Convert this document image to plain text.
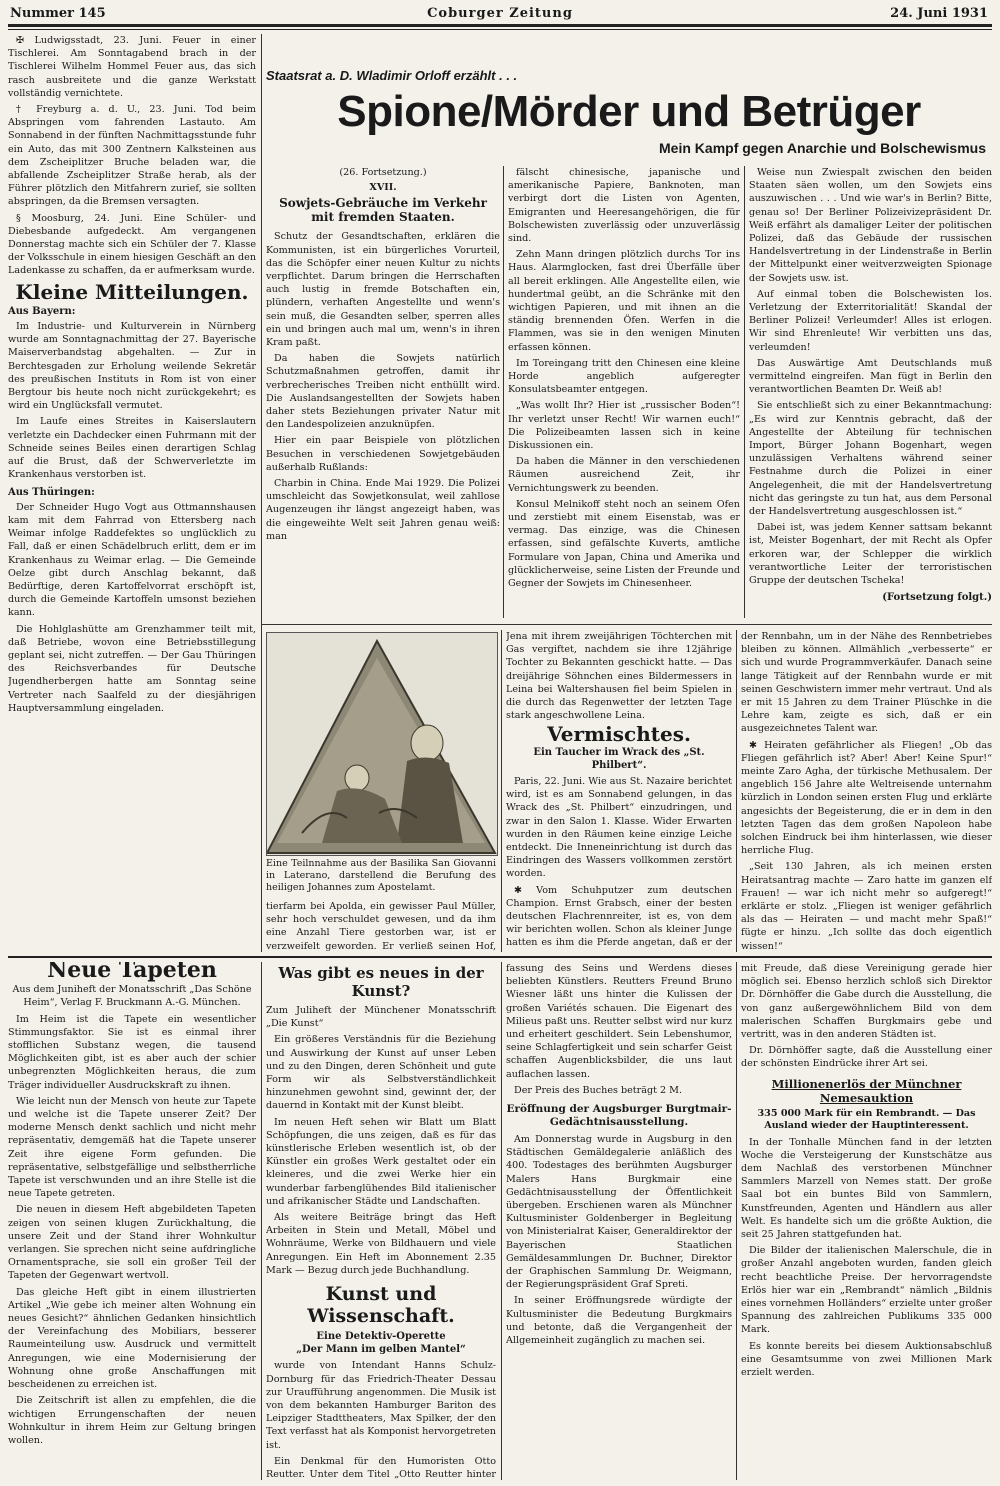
Nummer 145	Coburger Zeitung	24. Juni 1931

✠ Ludwigsstadt, 23. Juni. Feuer in einer Tischlerei. Am Sonntagabend brach in der Tischlerei Wilhelm Hommel Feuer aus, das sich rasch ausbreitete und die ganze Werkstatt vollständig vernichtete.

† Freyburg a. d. U., 23. Juni. Tod beim Abspringen vom fahrenden Lastauto. Am Sonnabend in der fünften Nachmittagsstunde fuhr ein Auto, das mit 300 Zentnern Kalksteinen aus dem Zscheiplitzer Bruche beladen war, die abfallende Zscheiplitzer Straße herab, als der Führer plötzlich den Mitfahrern zurief, sie sollten abspringen, da die Bremsen versagten.

§ Moosburg, 24. Juni. Eine Schüler- und Diebesbande aufgedeckt. Am vergangenen Donnerstag machte sich ein Schüler der 7. Klasse der Volksschule in einem hiesigen Geschäft an den Ladenkasse zu schaffen, da er aufmerksam wurde.

Kleine Mitteilungen.
Aus Bayern:

Im Industrie- und Kulturverein in Nürnberg wurde am Sonntagnachmittag der 27. Bayerische Maiserverbandstag abgehalten. — Zur in Berchtesgaden zur Erholung weilende Sekretär des preußischen Instituts in Rom ist von einer Bergtour bis heute noch nicht zurückgekehrt; es wird ein Unglücksfall vermutet.

Im Laufe eines Streites in Kaiserslautern verletzte ein Dachdecker einen Fuhrmann mit der Schneide seines Beiles einen derartigen Schlag auf die Brust, daß der Schwerverletzte im Krankenhaus verstorben ist.

Aus Thüringen:

Der Schneider Hugo Vogt aus Ottmannshausen kam mit dem Fahrrad von Ettersberg nach Weimar infolge Raddefektes so unglücklich zu Fall, daß er einen Schädelbruch erlitt, dem er im Krankenhaus zu Weimar erlag. — Die Gemeinde Oelze gibt durch Anschlag bekannt, daß Bedürftige, deren Kartoffelvorrat erschöpft ist, durch die Gemeinde Kartoffeln umsonst beziehen kann.

Die Hohlglashütte am Grenzhammer teilt mit, daß Betriebe, wovon eine Betriebsstillegung geplant sei, nicht zutreffen. — Der Gau Thüringen des Reichsverbandes für Deutsche Jugendherbergen hatte am Sonntag seine Vertreter nach Saalfeld zu der diesjährigen Hauptversammlung eingeladen.

Staatsrat a. D. Wladimir Orloff erzählt . . .
Spione/Mörder und Betrüger
Mein Kampf gegen Anarchie und Bolschewismus
(26. Fortsetzung.)
XVII.
Sowjets-Gebräuche im Verkehr mit fremden Staaten.

Schutz der Gesandtschaften, erklären die Kommunisten, ist ein bürgerliches Vorurteil, das die Schöpfer einer neuen Kultur zu nichts verpflichtet. Darum bringen die Herrschaften auch lustig in fremde Botschaften ein, plündern, verhaften Angestellte und wenn's sein muß, die Gesandten selber, sperren alles ein und bringen auch mal um, wenn's in ihren Kram paßt.

Da haben die Sowjets natürlich Schutzmaßnahmen getroffen, damit ihr verbrecherisches Treiben nicht enthüllt wird. Die Auslandsangestellten der Sowjets haben daher stets Beziehungen privater Natur mit den Landespolizeien anzuknüpfen.

Hier ein paar Beispiele von plötzlichen Besuchen in verschiedenen Sowjetgebäuden außerhalb Rußlands:

Charbin in China. Ende Mai 1929. Die Polizei umschleicht das Sowjetkonsulat, weil zahllose Augenzeugen ihr längst angezeigt haben, was die eingeweihte Welt seit Jahren genau weiß: man

fälscht chinesische, japanische und amerikanische Papiere, Banknoten, man verbirgt dort die Listen von Agenten, Emigranten und Heeresangehörigen, die für Bolschewisten zuverlässig oder unzuverlässig sind.

Zehn Mann dringen plötzlich durchs Tor ins Haus. Alarmglocken, fast drei Überfälle über all bereit erklingen. Alle Angestellte eilen, wie hundertmal geübt, an die Schränke mit den wichtigen Papieren, und mit ihnen an die ständig brennenden Öfen. Werfen in die Flammen, was sie in den wenigen Minuten erfassen können.

Im Toreingang tritt den Chinesen eine kleine Horde angeblich aufgeregter Konsulatsbeamter entgegen.

„Was wollt Ihr? Hier ist „russischer Boden“! Ihr verletzt unser Recht! Wir warnen euch!“ Die Polizeibeamten lassen sich in keine Diskussionen ein.

Da haben die Männer in den verschiedenen Räumen ausreichend Zeit, ihr Vernichtungswerk zu beenden.

Konsul Melnikoff steht noch an seinem Ofen und zerstiebt mit einem Eisenstab, was er vermag. Das einzige, was die Chinesen erfassen, sind gefälschte Kuverts, amtliche Formulare von Japan, China und Amerika und glücklicherweise, seine Listen der Freunde und Gegner der Sowjets im Chinesenheer.

Weise nun Zwiespalt zwischen den beiden Staaten säen wollen, um den Sowjets eins auszuwischen . . . Und wie war's in Berlin? Bitte, genau so! Der Berliner Polizeivizepräsident Dr. Weiß erfährt als damaliger Leiter der politischen Polizei, daß das Gebäude der russischen Handelsvertretung in der Lindenstraße in Berlin der Mittelpunkt einer weitverzweigten Spionage der Sowjets usw. ist.

Auf einmal toben die Bolschewisten los. Verletzung der Exterritorialität! Skandal der Berliner Polizei! Verleumder! Alles ist erlogen. Wir sind Ehrenleute! Wir verbitten uns das, verleumden!

Das Auswärtige Amt Deutschlands muß vermittelnd eingreifen. Man fügt in Berlin den verantwortlichen Beamten Dr. Weiß ab!

Sie entschließt sich zu einer Bekanntmachung: „Es wird zur Kenntnis gebracht, daß der Angestellte der Abteilung für technischen Import, Bürger Johann Bogenhart, wegen unzulässigen Verhaltens während seiner Festnahme durch die Polizei in einer Angelegenheit, die mit der Handelsvertretung nicht das geringste zu tun hat, aus dem Personal der Handelsvertretung ausgeschlossen ist.“

Dabei ist, was jedem Kenner sattsam bekannt ist, Meister Bogenhart, der mit Recht als Opfer erkoren war, der Schlepper die wirklich verantwortliche Leiter der terroristischen Gruppe der deutschen Tscheka!

(Fortsetzung folgt.)
Eine Teilnnahme aus der Basilika San Giovanni in Laterano, darstellend die Berufung des heiligen Johannes zum Apostelamt.

tierfarm bei Apolda, ein gewisser Paul Müller, sehr hoch verschuldet gewesen, und da ihm eine Anzahl Tiere gestorben war, ist er verzweifelt geworden. Er verließ seinen Hof,

Jena mit ihrem zweijährigen Töchterchen mit Gas vergiftet, nachdem sie ihre 12jährige Tochter zu Bekannten geschickt hatte. — Das dreijährige Söhnchen eines Bildermessers in Leina bei Waltershausen fiel beim Spielen in die durch das Regenwetter der letzten Tage stark angeschwollene Leina.

Vermischtes.
Ein Taucher im Wrack des „St. Philbert“.

Paris, 22. Juni. Wie aus St. Nazaire berichtet wird, ist es am Sonnabend gelungen, in das Wrack des „St. Philbert“ einzudringen, und zwar in den Salon 1. Klasse. Wider Erwarten wurden in den Räumen keine einzige Leiche entdeckt. Die Inneneinrichtung ist durch das Eindringen des Wassers vollkommen zerstört worden.

✱ Vom Schuhputzer zum deutschen Champion. Ernst Grabsch, einer der besten deutschen Flachrennreiter, ist es, von dem wir berichten wollen. Schon als kleiner Junge hatten es ihm die Pferde angetan, daß er der

der Rennbahn, um in der Nähe des Rennbetriebes bleiben zu können. Allmählich „verbesserte“ er sich und wurde Programmverkäufer. Danach seine lange Tätigkeit auf der Rennbahn wurde er mit seinen Geschwistern immer mehr vertraut. Und als er mit 15 Jahren zu dem Trainer Plüschke in die Lehre kam, zeigte es sich, daß er ein ausgezeichnetes Talent war.

✱ Heiraten gefährlicher als Fliegen! „Ob das Fliegen gefährlich ist? Aber! Aber! Keine Spur!“ meinte Zaro Agha, der türkische Methusalem. Der angeblich 156 Jahre alte Weltreisende unternahm kürzlich in London seinen ersten Flug und erklärte angesichts der Begeisterung, die er in dem in den letzten Tagen das dem großen Napoleon habe solchen Eindruck bei ihm hinterlassen, wie dieser herrliche Flug.

„Seit 130 Jahren, als ich meinen ersten Heiratsantrag machte — Zaro hatte im ganzen elf Frauen! — war ich nicht mehr so aufgeregt!“ erklärte er stolz. „Fliegen ist weniger gefährlich als das — Heiraten — und macht mehr Spaß!“ fügte er hinzu. „Ich sollte das doch eigentlich wissen!“

Neue Tapeten

Aus dem Juniheft der Monatsschrift „Das Schöne Heim“, Verlag F. Bruckmann A.-G. München.

Im Heim ist die Tapete ein wesentlicher Stimmungsfaktor. Sie ist es einmal ihrer stofflichen Substanz wegen, die tausend Möglichkeiten gibt, ist es aber auch der schier unbegrenzten Möglichkeiten heraus, die zum Träger individueller Ausdruckskraft zu ihnen.

Wie leicht nun der Mensch von heute zur Tapete und welche ist die Tapete unserer Zeit? Der moderne Mensch denkt sachlich und nicht mehr repräsentativ, demgemäß hat die Tapete unserer Zeit ihre eigene Form gefunden. Die repräsentative, selbstgefällige und selbstherrliche Tapete ist verschwunden und an ihre Stelle ist die neue Tapete getreten.

Die neuen in diesem Heft abgebildeten Tapeten zeigen von seinen klugen Zurückhaltung, die unsere Zeit und der Stand ihrer Wohnkultur verlangen. Sie sprechen nicht seine aufdringliche Ornamentsprache, sie soll ein großer Teil der Tapeten der Gegenwart wertvoll.

Das gleiche Heft gibt in einem illustrierten Artikel „Wie gebe ich meiner alten Wohnung ein neues Gesicht?“ ähnlichen Gedanken hinsichtlich der Vereinfachung des Mobiliars, besserer Raumeinteilung usw. Ausdruck und vermittelt Anregungen, wie eine Modernisierung der Wohnung ohne große Anschaffungen mit bescheidenen zu erreichen ist.

Die Zeitschrift ist allen zu empfehlen, die die wichtigen Errungenschaften der neuen Wohnkultur in ihrem Heim zur Geltung bringen wollen.

Was gibt es neues in der Kunst?

Zum Juliheft der Münchener Monatsschrift „Die Kunst“

Ein größeres Verständnis für die Beziehung und Auswirkung der Kunst auf unser Leben und zu den Dingen, deren Schönheit und gute Form wir als Selbstverständlichkeit hinzunehmen gewohnt sind, gewinnt der, der dauernd in Kontakt mit der Kunst bleibt.

Im neuen Heft sehen wir Blatt um Blatt Schöpfungen, die uns zeigen, daß es für das künstlerische Erleben wesentlich ist, ob der Künstler ein großes Werk gestaltet oder ein kleineres, und die zwei Werke hier ein wunderbar farbenglühendes Bild italienischer und afrikanischer Städte und Landschaften.

Als weitere Beiträge bringt das Heft Arbeiten in Stein und Metall, Möbel und Wohnräume, Werke von Bildhauern und viele Anregungen. Ein Heft im Abonnement 2.35 Mark — Bezug durch jede Buchhandlung.

Kunst und Wissenschaft.
Eine Detektiv-Operette
„Der Mann im gelben Mantel“

wurde von Intendant Hanns Schulz-Dornburg für das Friedrich-Theater Dessau zur Uraufführung angenommen. Die Musik ist von dem bekannten Hamburger Bariton des Leipziger Stadttheaters, Max Spilker, der den Text verfasst hat als Komponist hervorgetreten ist.

Ein Denkmal für den Humoristen Otto Reutter. Unter dem Titel „Otto Reutter hinter

fassung des Seins und Werdens dieses beliebten Künstlers. Reutters Freund Bruno Wiesner läßt uns hinter die Kulissen der großen Variétés schauen. Die Eigenart des Milieus paßt uns. Reutter selbst wird nur kurz und erheitert geschildert. Sein Lebenshumor, seine Schlagfertigkeit und sein scharfer Geist schaffen Augenblicksbilder, die uns laut auflachen lassen.

Der Preis des Buches beträgt 2 M.

Eröffnung der Augsburger Burgtmair-Gedächtnisausstellung.

Am Donnerstag wurde in Augsburg in den Städtischen Gemäldegalerie anläßlich des 400. Todestages des berühmten Augsburger Malers Hans Burgkmair eine Gedächtnisausstellung der Öffentlichkeit übergeben. Erschienen waren als Münchner Kultusminister Goldenberger in Begleitung von Ministerialrat Kaiser, Generaldirektor der Bayerischen Staatlichen Gemäldesammlungen Dr. Buchner, Direktor der Graphischen Sammlung Dr. Weigmann, der Regierungspräsident Graf Spreti.

In seiner Eröffnungsrede würdigte der Kultusminister die Bedeutung Burgkmairs und betonte, daß die Vergangenheit der Allgemeinheit zugänglich zu machen sei.

mit Freude, daß diese Vereinigung gerade hier möglich sei. Ebenso herzlich schloß sich Direktor Dr. Dörnhöffer die Gabe durch die Ausstellung, die von ganz außergewöhnlichem Bild von dem malerischen Schaffen Burgkmairs gebe und vertritt, was in den anderen Städten ist.

Dr. Dörnhöffer sagte, daß die Ausstellung einer der schönsten Eindrücke ihrer Art sei.

Millionenerlös der Münchner Nemesauktion
335 000 Mark für ein Rembrandt. — Das Ausland wieder der Hauptinteressent.

In der Tonhalle München fand in der letzten Woche die Versteigerung der Kunstschätze aus dem Nachlaß des verstorbenen Münchner Sammlers Marzell von Nemes statt. Der große Saal bot ein buntes Bild von Sammlern, Kunstfreunden, Agenten und Händlern aus aller Welt. Es handelte sich um die größte Auktion, die seit 25 Jahren stattgefunden hat.

Die Bilder der italienischen Malerschule, die in großer Anzahl angeboten wurden, fanden gleich recht beachtliche Preise. Der hervorragendste Erlös hier war ein „Rembrandt“ nämlich „Bildnis eines vornehmen Holländers“ erzielte unter großer Spannung des zahlreichen Publikums 335 000 Mark.

Es konnte bereits bei diesem Auktionsabschluß eine Gesamtsumme von zwei Millionen Mark erzielt werden.
